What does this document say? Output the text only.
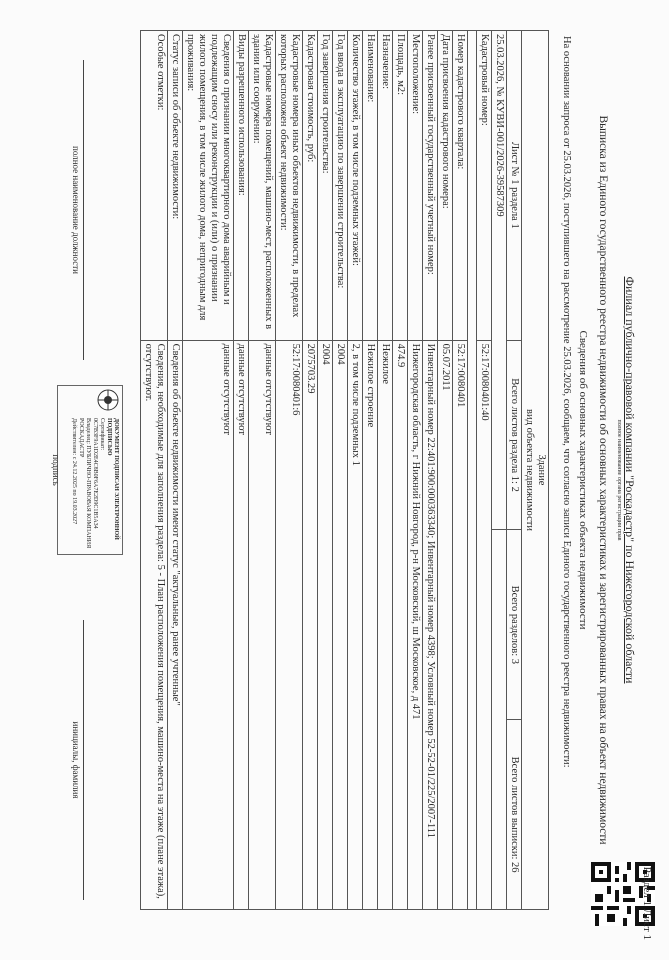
Раздел 1 Лист 1
Филиал публично-правовой компании "Роскадастр" по Нижегородской области
полное наименование органа регистрации прав
Выписка из Единого государственного реестра недвижимости об основных характеристиках и зарегистрированных правах на объект недвижимости
Сведения об основных характеристиках объекта недвижимости
На основании запроса от 25.03.2026, поступившего на рассмотрение 25.03.2026, сообщаем, что согласно записи Единого государственного реестра недвижимости:
Здание
вид объекта недвижимости			

Лист № 1 раздела 1	Всего листов раздела 1: 2	Всего разделов: 3	Всего листов выписки: 26
25.03.2026, № КУВИ-001/2026-39587309			
Кадастровый номер:	52:17:0080401:40		

Номер кадастрового квартала:	52:17:0080401		
Дата присвоения кадастрового номера:	05.07.2011		
Ранее присвоенный государственный учетный номер:	Инвентарный номер 22:401:900:000363340; Инвентарный номер 4398; Условный номер 52-52-01/225/2007-111		
Местоположение:	Нижегородская область, г Нижний Новгород, р-н Московский, ш Московское, д 471		
Площадь, м2:	474.9		
Назначение:	Нежилое		
Наименование:	Нежилое строение		
Количество этажей, в том числе подземных этажей:	2, в том числе подземных 1		
Год ввода в эксплуатацию по завершении строительства:	2004		
Год завершения строительства:	2004		
Кадастровая стоимость, руб:	2075703.29		
Кадастровые номера иных объектов недвижимости, в пределах которых расположен объект недвижимости:	52:17:0080401:6		
Кадастровые номера помещений, машино-мест, расположенных в здании или сооружении:	данные отсутствуют		
Виды разрешенного использования:	данные отсутствуют		
Сведения о признании многоквартирного дома аварийным и подлежащим сносу или реконструкции и (или) о признании жилого помещения, в том числе жилого дома, непригодным для проживания:	данные отсутствуют		
Статус записи об объекте недвижимости:	Сведения об объекте недвижимости имеют статус "актуальные, ранее учтенные"		
Особые отметки:	Сведения, необходимые для заполнения раздела: 5 - План расположения помещения, машино-места на этаже (плане этажа), отсутствуют.		
полное наименование должности
ДОКУМЕНТ ПОДПИСАН ЭЛЕКТРОННОЙ ПОДПИСЬЮ
Сертификат: 0C7B3F9A1D2E4C8B0F6A7E2D9C1B5A34
Владелец: ПУБЛИЧНО-ПРАВОВАЯ КОМПАНИЯ
РОСКАДАСТР
Действителен: с 24.12.2025 по 19.03.2027
подпись
инициалы, фамилия
